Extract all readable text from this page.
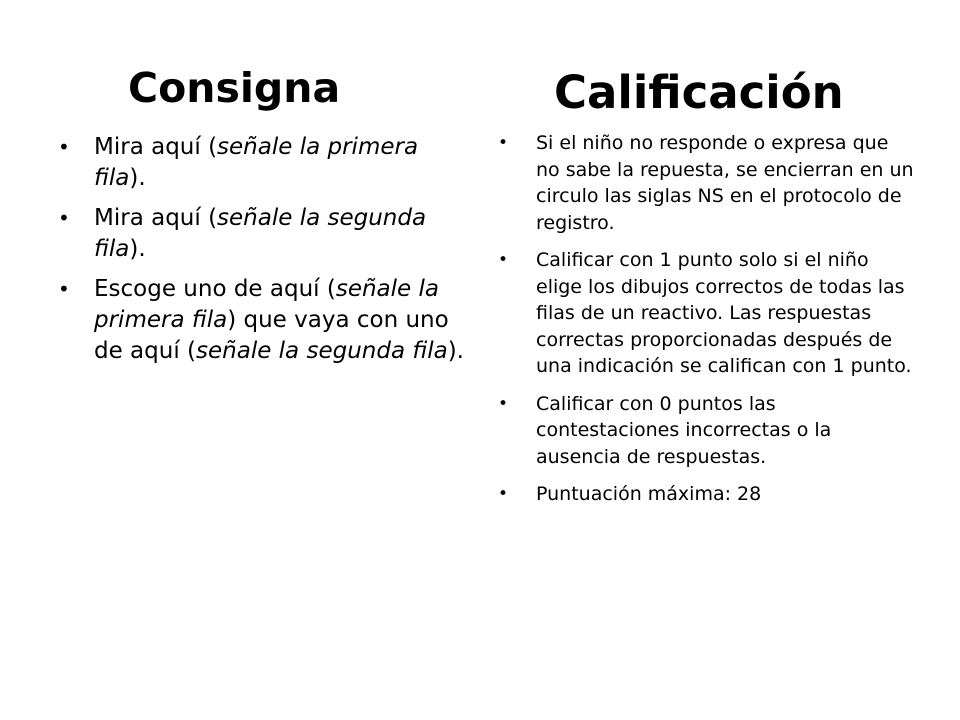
Consigna	Calificación
• Mira aquí (señale la primera fila).
• Mira aquí (señale la segunda fila).
• Escoge uno de aquí (señale la primera fila) que vaya con uno de aquí (señale la segunda fila).
• Si el niño no responde o expresa que no sabe la repuesta, se encierran en un circulo las siglas NS en el protocolo de registro.
• Calificar con 1 punto solo si el niño elige los dibujos correctos de todas las filas de un reactivo. Las respuestas correctas proporcionadas después de una indicación se califican con 1 punto.
• Calificar con 0 puntos las contestaciones incorrectas o la ausencia de respuestas.
• Puntuación máxima: 28
